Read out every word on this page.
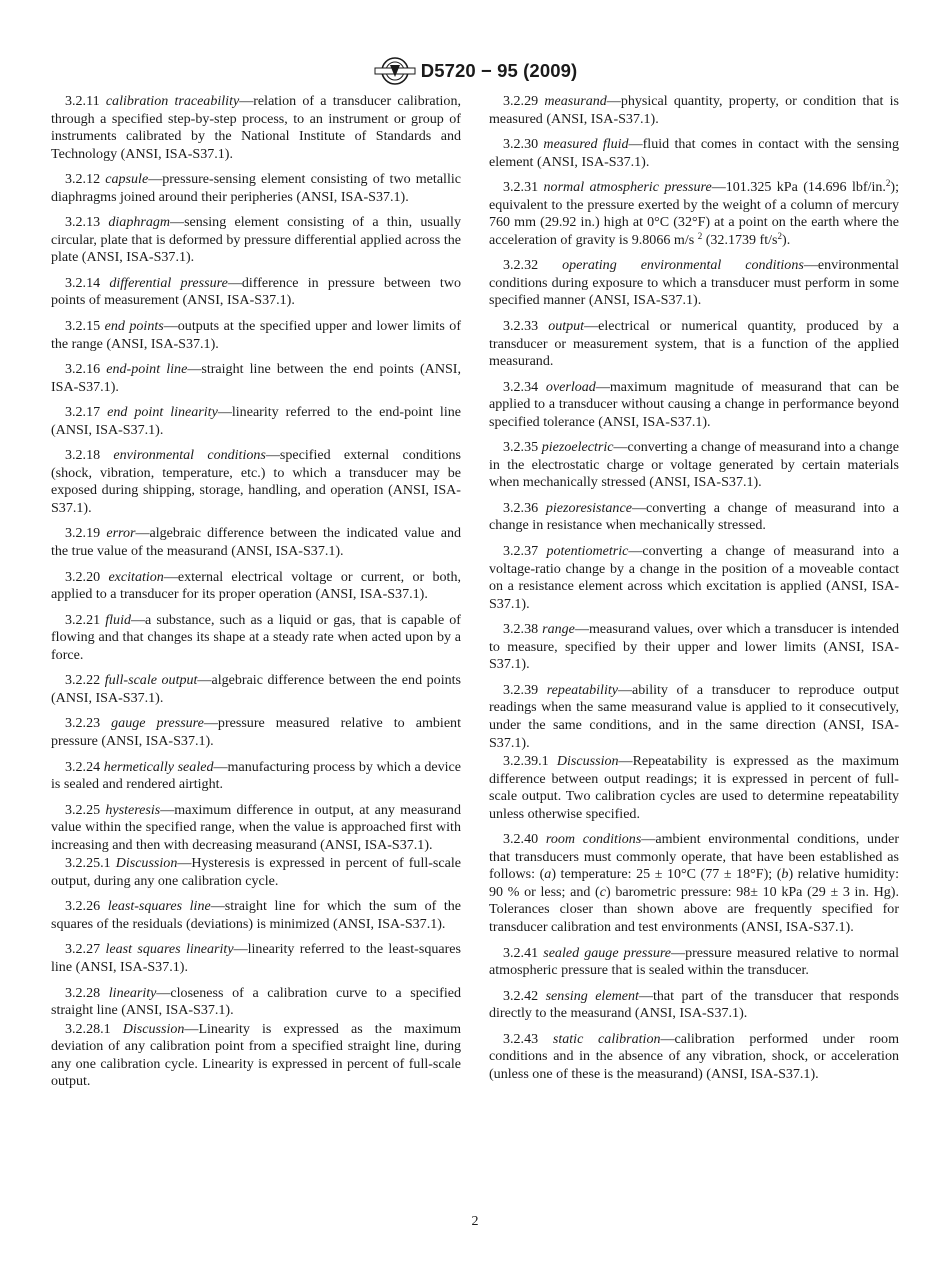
D5720 − 95 (2009)

3.2.11 calibration traceability—relation of a transducer calibration, through a specified step-by-step process, to an instrument or group of instruments calibrated by the National Institute of Standards and Technology (ANSI, ISA-S37.1).

3.2.12 capsule—pressure-sensing element consisting of two metallic diaphragms joined around their peripheries (ANSI, ISA-S37.1).

3.2.13 diaphragm—sensing element consisting of a thin, usually circular, plate that is deformed by pressure differential applied across the plate (ANSI, ISA-S37.1).

3.2.14 differential pressure—difference in pressure between two points of measurement (ANSI, ISA-S37.1).

3.2.15 end points—outputs at the specified upper and lower limits of the range (ANSI, ISA-S37.1).

3.2.16 end-point line—straight line between the end points (ANSI, ISA-S37.1).

3.2.17 end point linearity—linearity referred to the end-point line (ANSI, ISA-S37.1).

3.2.18 environmental conditions—specified external conditions (shock, vibration, temperature, etc.) to which a transducer may be exposed during shipping, storage, handling, and operation (ANSI, ISA-S37.1).

3.2.19 error—algebraic difference between the indicated value and the true value of the measurand (ANSI, ISA-S37.1).

3.2.20 excitation—external electrical voltage or current, or both, applied to a transducer for its proper operation (ANSI, ISA-S37.1).

3.2.21 fluid—a substance, such as a liquid or gas, that is capable of flowing and that changes its shape at a steady rate when acted upon by a force.

3.2.22 full-scale output—algebraic difference between the end points (ANSI, ISA-S37.1).

3.2.23 gauge pressure—pressure measured relative to ambient pressure (ANSI, ISA-S37.1).

3.2.24 hermetically sealed—manufacturing process by which a device is sealed and rendered airtight.

3.2.25 hysteresis—maximum difference in output, at any measurand value within the specified range, when the value is approached first with increasing and then with decreasing measurand (ANSI, ISA-S37.1).

3.2.25.1 Discussion—Hysteresis is expressed in percent of full-scale output, during any one calibration cycle.

3.2.26 least-squares line—straight line for which the sum of the squares of the residuals (deviations) is minimized (ANSI, ISA-S37.1).

3.2.27 least squares linearity—linearity referred to the least-squares line (ANSI, ISA-S37.1).

3.2.28 linearity—closeness of a calibration curve to a specified straight line (ANSI, ISA-S37.1).

3.2.28.1 Discussion—Linearity is expressed as the maximum deviation of any calibration point from a specified straight line, during any one calibration cycle. Linearity is expressed in percent of full-scale output.

3.2.29 measurand—physical quantity, property, or condition that is measured (ANSI, ISA-S37.1).

3.2.30 measured fluid—fluid that comes in contact with the sensing element (ANSI, ISA-S37.1).

3.2.31 normal atmospheric pressure—101.325 kPa (14.696 lbf/in.$^2$); equivalent to the pressure exerted by the weight of a column of mercury 760 mm (29.92 in.) high at 0°C (32°F) at a point on the earth where the acceleration of gravity is 9.8066 m/s $^2$ (32.1739 $ft/s^2$).

3.2.32 operating environmental conditions—environmental conditions during exposure to which a transducer must perform in some specified manner (ANSI, ISA-S37.1).

3.2.33 output—electrical or numerical quantity, produced by a transducer or measurement system, that is a function of the applied measurand.

3.2.34 overload—maximum magnitude of measurand that can be applied to a transducer without causing a change in performance beyond specified tolerance (ANSI, ISA-S37.1).

3.2.35 piezoelectric—converting a change of measurand into a change in the electrostatic charge or voltage generated by certain materials when mechanically stressed (ANSI, ISA-S37.1).

3.2.36 piezoresistance—converting a change of measurand into a change in resistance when mechanically stressed.

3.2.37 potentiometric—converting a change of measurand into a voltage-ratio change by a change in the position of a moveable contact on a resistance element across which excitation is applied (ANSI, ISA-S37.1).

3.2.38 range—measurand values, over which a transducer is intended to measure, specified by their upper and lower limits (ANSI, ISA-S37.1).

3.2.39 repeatability—ability of a transducer to reproduce output readings when the same measurand value is applied to it consecutively, under the same conditions, and in the same direction (ANSI, ISA-S37.1).

3.2.39.1 Discussion—Repeatability is expressed as the maximum difference between output readings; it is expressed in percent of full-scale output. Two calibration cycles are used to determine repeatability unless otherwise specified.

3.2.40 room conditions—ambient environmental conditions, under that transducers must commonly operate, that have been established as follows: (a) temperature: 25 ± 10°C (77 ± 18°F); (b) relative humidity: 90 % or less; and (c) barometric pressure: 98± 10 kPa (29 ± 3 in. Hg). Tolerances closer than shown above are frequently specified for transducer calibration and test environments (ANSI, ISA-S37.1).

3.2.41 sealed gauge pressure—pressure measured relative to normal atmospheric pressure that is sealed within the transducer.

3.2.42 sensing element—that part of the transducer that responds directly to the measurand (ANSI, ISA-S37.1).

3.2.43 static calibration—calibration performed under room conditions and in the absence of any vibration, shock, or acceleration (unless one of these is the measurand) (ANSI, ISA-S37.1).

2
